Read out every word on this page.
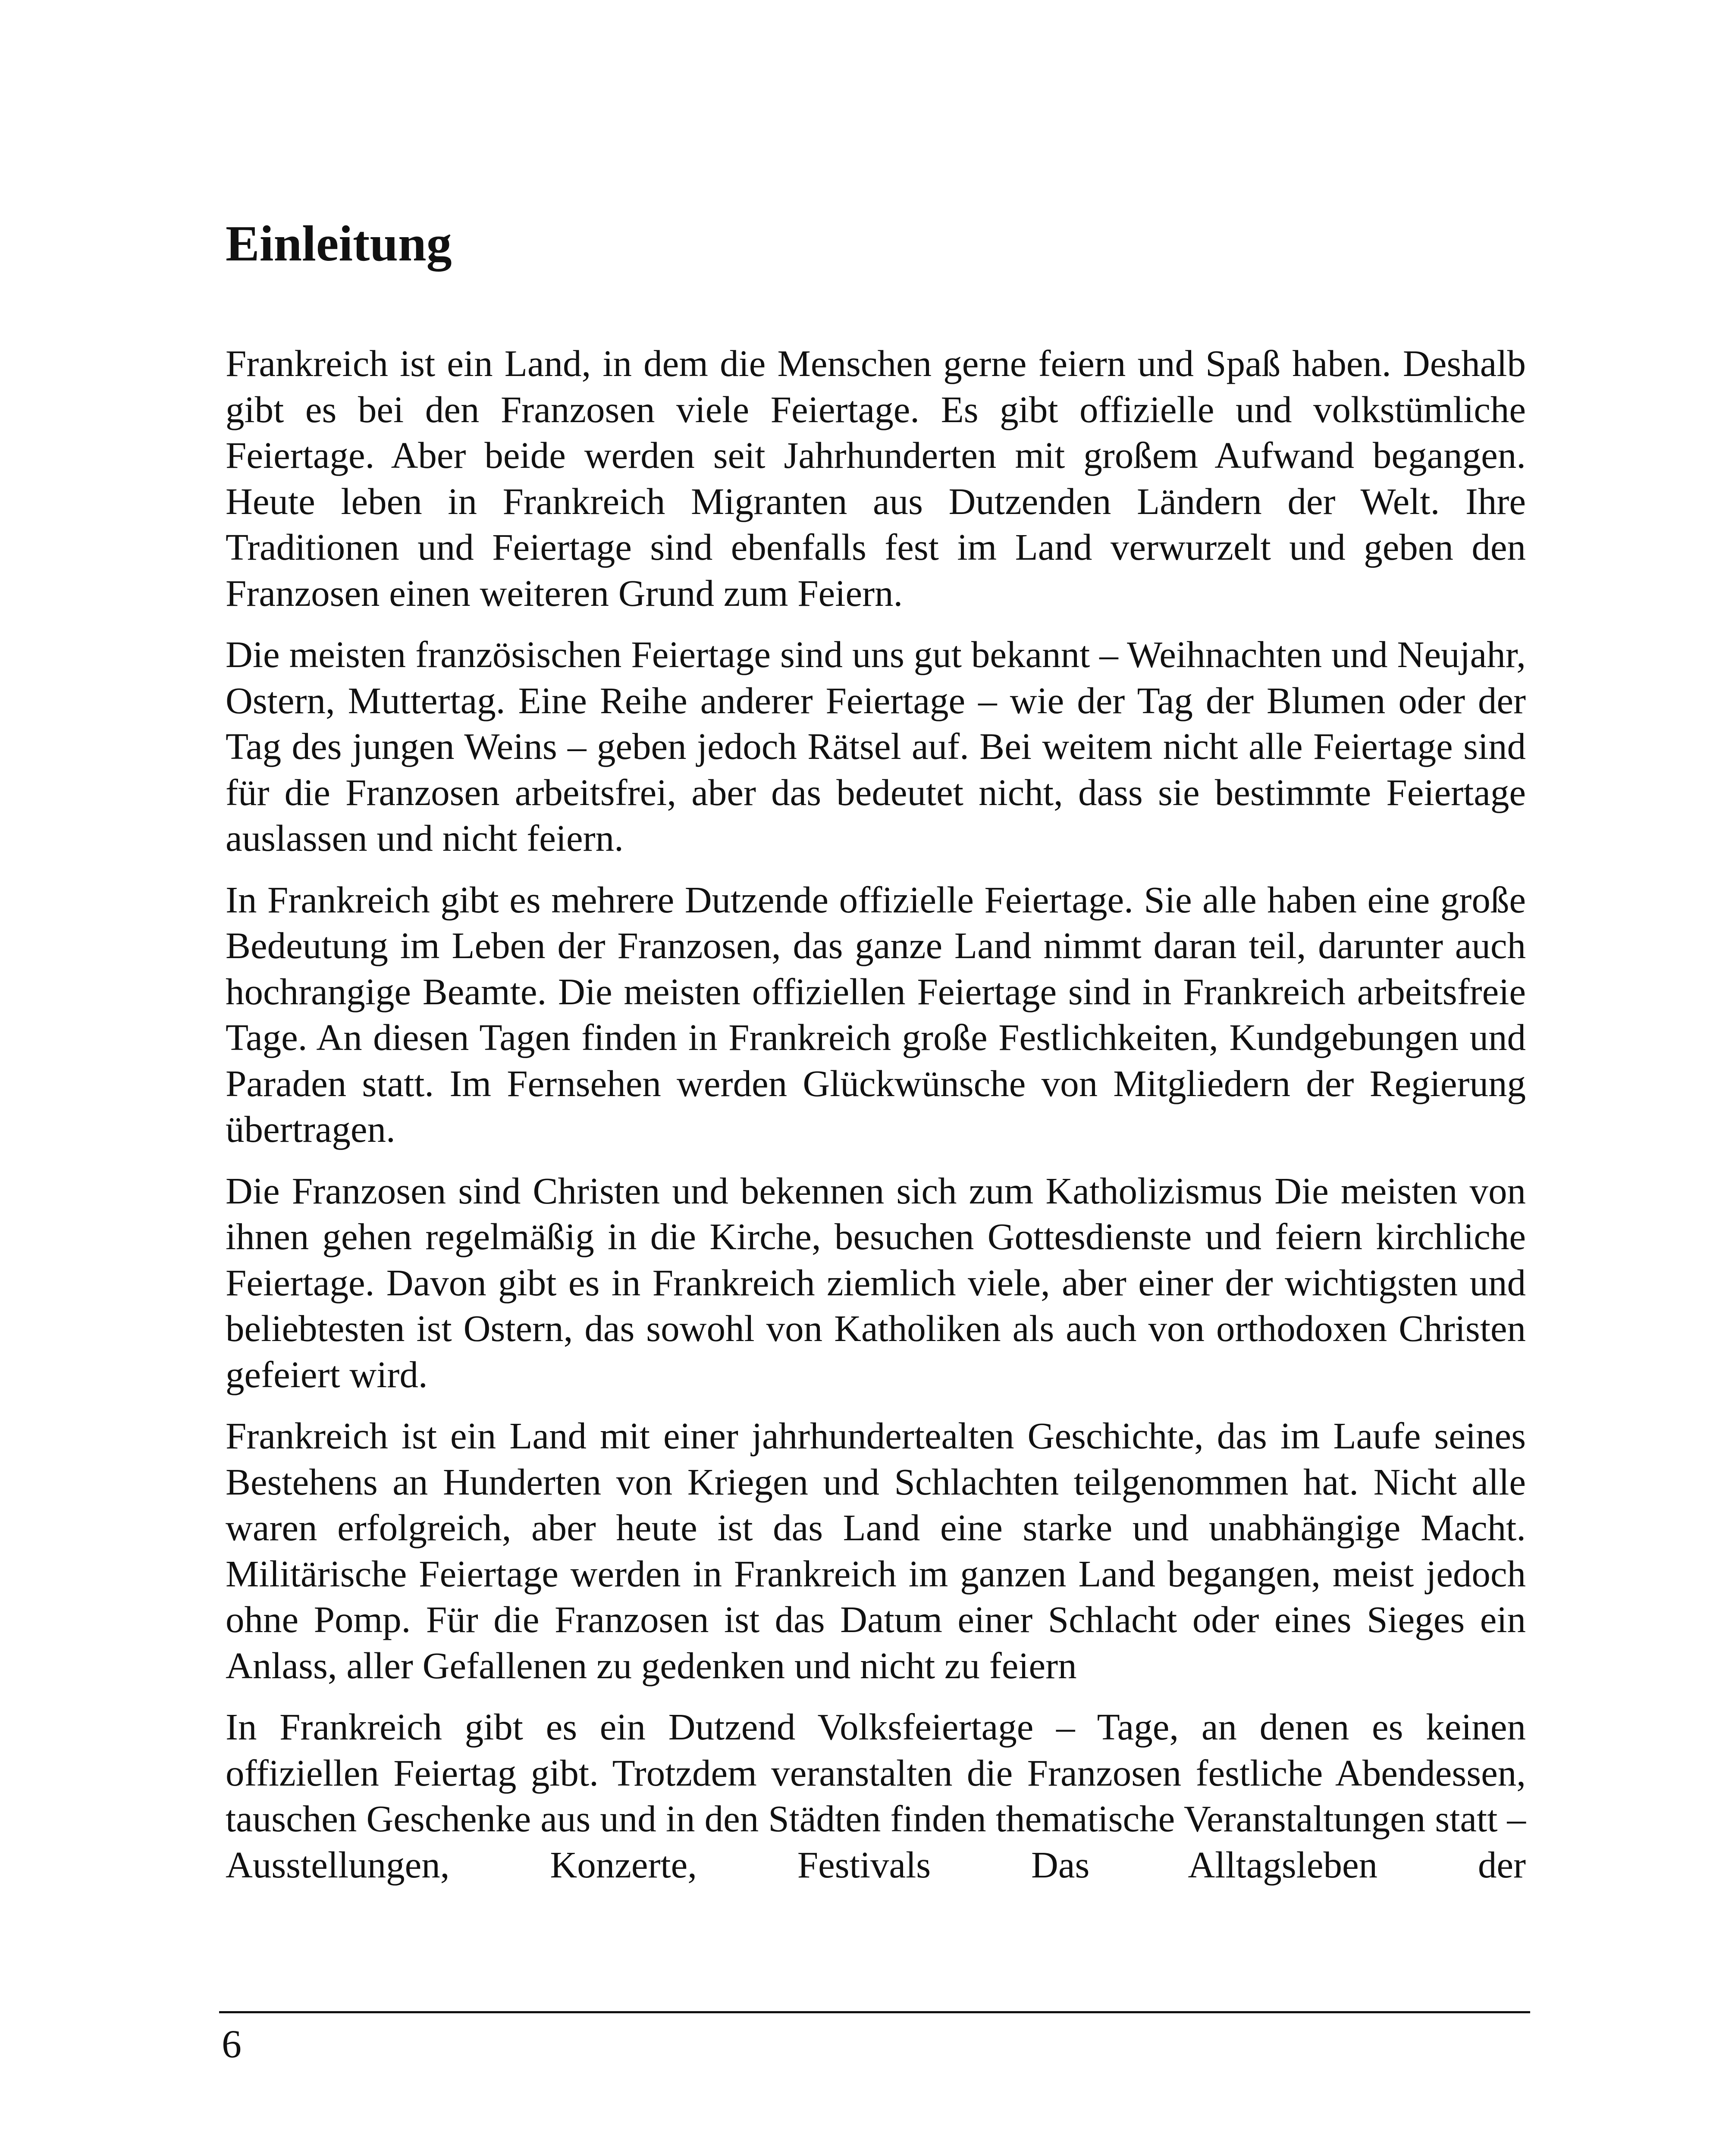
Einleitung

Frankreich ist ein Land, in dem die Menschen gerne feiern und Spaß haben. Deshalb gibt es bei den Franzosen viele Feiertage. Es gibt offizielle und volkstümliche Feiertage. Aber beide werden seit Jahrhunderten mit großem Aufwand begangen. Heute leben in Frankreich Migranten aus Dutzenden Ländern der Welt. Ihre Traditionen und Feiertage sind ebenfalls fest im Land verwurzelt und geben den Franzosen einen weiteren Grund zum Feiern.

Die meisten französischen Feiertage sind uns gut bekannt – Weihnachten und Neujahr, Ostern, Muttertag. Eine Reihe anderer Feiertage – wie der Tag der Blumen oder der Tag des jungen Weins – geben jedoch Rätsel auf. Bei weitem nicht alle Feiertage sind für die Franzosen arbeitsfrei, aber das bedeutet nicht, dass sie bestimmte Feiertage auslassen und nicht feiern.

In Frankreich gibt es mehrere Dutzende offizielle Feiertage. Sie alle haben eine große Bedeutung im Leben der Franzosen, das ganze Land nimmt daran teil, darunter auch hochrangige Beamte. Die meisten offiziellen Feiertage sind in Frankreich arbeitsfreie Tage. An diesen Tagen finden in Frankreich große Festlichkeiten, Kundgebungen und Paraden statt. Im Fernsehen werden Glückwünsche von Mitgliedern der Regierung übertragen.

Die Franzosen sind Christen und bekennen sich zum Katholizismus Die meisten von ihnen gehen regelmäßig in die Kirche, besuchen Gottesdienste und feiern kirchliche Feiertage. Davon gibt es in Frankreich ziemlich viele, aber einer der wichtigsten und beliebtesten ist Ostern, das sowohl von Katholiken als auch von orthodoxen Christen gefeiert wird.

Frankreich ist ein Land mit einer jahrhundertealten Geschichte, das im Laufe seines Bestehens an Hunderten von Kriegen und Schlachten teilgenommen hat. Nicht alle waren erfolgreich, aber heute ist das Land eine starke und unabhängige Macht. Militärische Feiertage werden in Frankreich im ganzen Land begangen, meist jedoch ohne Pomp. Für die Franzosen ist das Datum einer Schlacht oder eines Sieges ein Anlass, aller Gefallenen zu gedenken und nicht zu feiern

In Frankreich gibt es ein Dutzend Volksfeiertage – Tage, an denen es keinen offiziellen Feiertag gibt. Trotzdem veranstalten die Franzosen festliche Abendessen, tauschen Geschenke aus und in den Städten finden thematische Veranstaltungen statt – Ausstellungen, Konzerte, Festivals Das Alltagsleben der

6
